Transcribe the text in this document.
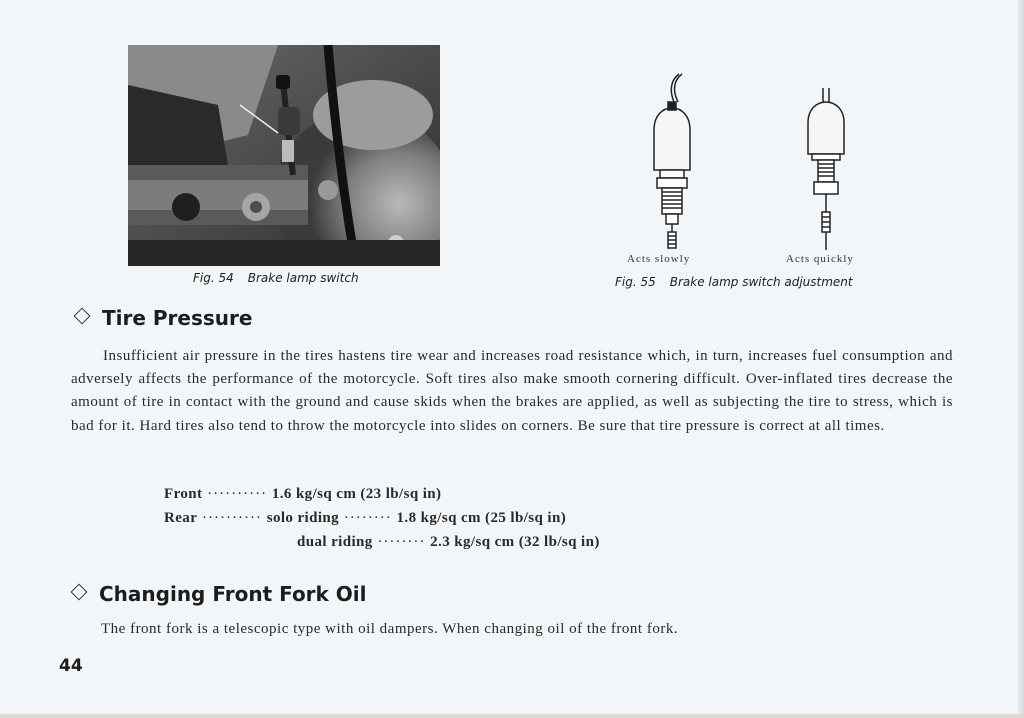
Fig. 54 Brake lamp switch
Acts slowly	Acts quickly
Fig. 55 Brake lamp switch adjustment
Tire Pressure
Insufficient air pressure in the tires hastens tire wear and increases road resistance which, in turn, increases fuel consumption and adversely affects the performance of the motorcycle. Soft tires also make smooth cornering difficult. Over-inflated tires decrease the amount of tire in contact with the ground and cause skids when the brakes are applied, as well as subjecting the tire to stress, which is bad for it. Hard tires also tend to throw the motorcycle into slides on corners. Be sure that tire pressure is correct at all times.
Front ·········· 1.6 kg/sq cm (23 lb/sq in)
Rear ·········· solo riding ········ 1.8 kg/sq cm (25 lb/sq in)
dual riding ········ 2.3 kg/sq cm (32 lb/sq in)
Changing Front Fork Oil
The front fork is a telescopic type with oil dampers. When changing oil of the front fork.
44
